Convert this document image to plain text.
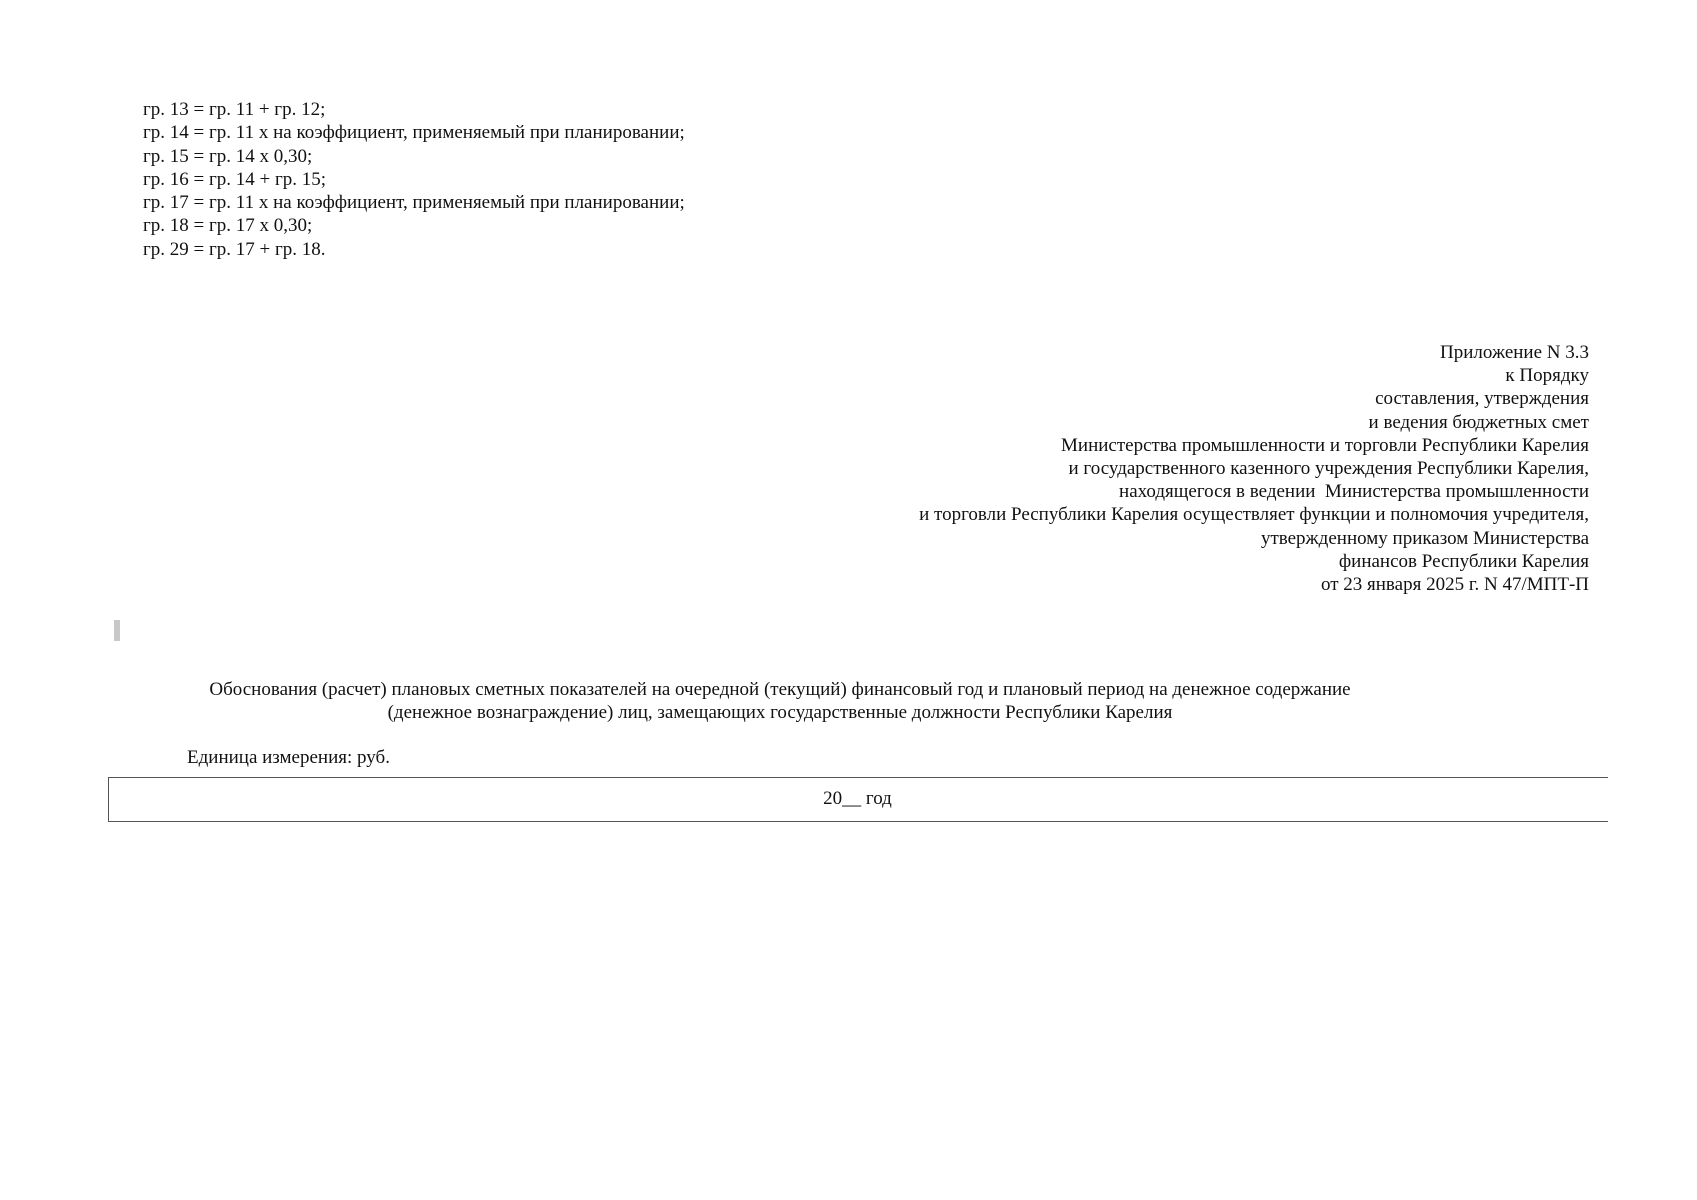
гр. 13 = гр. 11 + гр. 12;
гр. 14 = гр. 11 x на коэффициент, применяемый при планировании;
гр. 15 = гр. 14 x 0,30;
гр. 16 = гр. 14 + гр. 15;
гр. 17 = гр. 11 x на коэффициент, применяемый при планировании;
гр. 18 = гр. 17 x 0,30;
гр. 29 = гр. 17 + гр. 18.
Приложение N 3.3
к Порядку
составления, утверждения
и ведения бюджетных смет
Министерства промышленности и торговли Республики Карелия
и государственного казенного учреждения Республики Карелия,
находящегося в ведении  Министерства промышленности
и торговли Республики Карелия осуществляет функции и полномочия учредителя,
утвержденному приказом Министерства
финансов Республики Карелия
от 23 января 2025 г. N 47/МПТ-П
Обоснования (расчет) плановых сметных показателей на очередной (текущий) финансовый год и плановый период на денежное содержание (денежное вознаграждение) лиц, замещающих государственные должности Республики Карелия
Единица измерения: руб.
20__ год
